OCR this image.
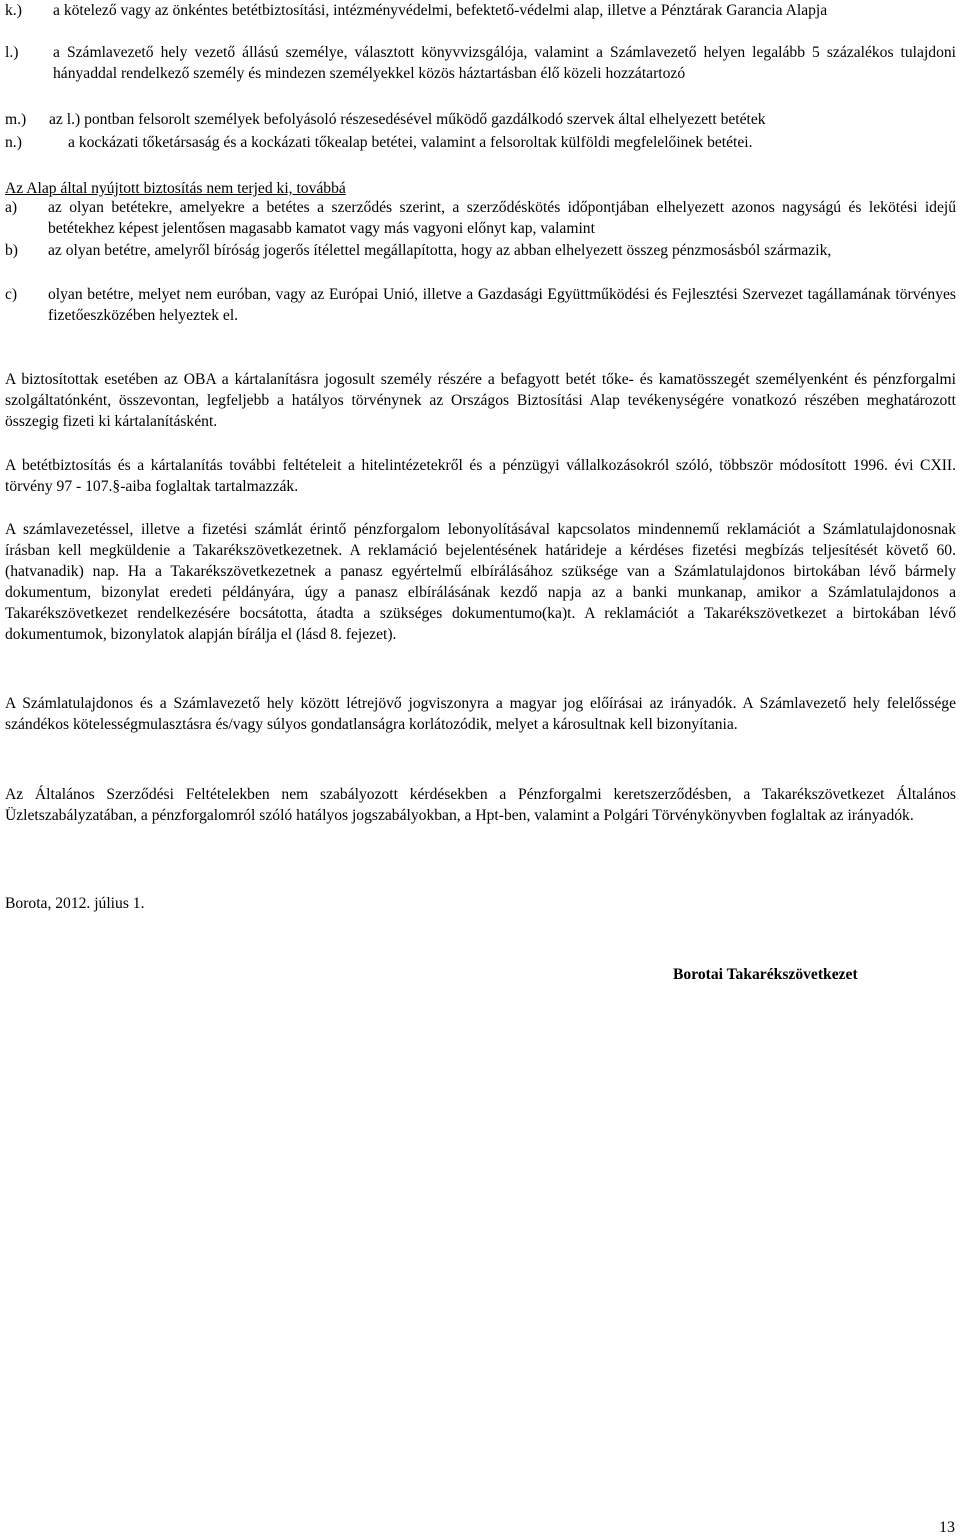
k.) a kötelező vagy az önkéntes betétbiztosítási, intézményvédelmi, befektető-védelmi alap, illetve a Pénztárak Garancia Alapja
l.) a Számlavezető hely vezető állású személye, választott könyvvizsgálója, valamint a Számlavezető helyen legalább 5 százalékos tulajdoni hányaddal rendelkező személy és mindezen személyekkel közös háztartásban élő közeli hozzátartozó
m.) az l.) pontban felsorolt személyek befolyásoló részesedésével működő gazdálkodó szervek által elhelyezett betétek
n.)	a kockázati tőketársaság és a kockázati tőkealap betétei, valamint a felsoroltak külföldi megfelelőinek betétei.
Az Alap által nyújtott biztosítás nem terjed ki, továbbá
a) az olyan betétekre, amelyekre a betétes a szerződés szerint, a szerződéskötés időpontjában elhelyezett azonos nagyságú és lekötési idejű betétekhez képest jelentősen magasabb kamatot vagy más vagyoni előnyt kap, valamint
b) az olyan betétre, amelyről bíróság jogerős ítélettel megállapította, hogy az abban elhelyezett összeg pénzmosásból származik,
c) olyan betétre, melyet nem euróban, vagy az Európai Unió, illetve a Gazdasági Együttműködési és Fejlesztési Szervezet tagállamának törvényes fizetőeszközében helyeztek el.
A biztosítottak esetében az OBA a kártalanításra jogosult személy részére a befagyott betét tőke- és kamatösszegét személyenként és pénzforgalmi szolgáltatónként, összevontan, legfeljebb a hatályos törvénynek az Országos Biztosítási Alap tevékenységére vonatkozó részében meghatározott összegig fizeti ki kártalanításként.
A betétbiztosítás és a kártalanítás további feltételeit a hitelintézetekről és a pénzügyi vállalkozásokról szóló, többször módosított 1996. évi CXII. törvény 97 - 107.§-aiba foglaltak tartalmazzák.
A számlavezetéssel, illetve a fizetési számlát érintő pénzforgalom lebonyolításával kapcsolatos mindennemű reklamációt a Számlatulajdonosnak írásban kell megküldenie a Takarékszövetkezetnek. A reklamáció bejelentésének határideje a kérdéses fizetési megbízás teljesítését követő 60. (hatvanadik) nap. Ha a Takarékszövetkezetnek a panasz egyértelmű elbírálásához szüksége van a Számlatulajdonos birtokában lévő bármely dokumentum, bizonylat eredeti példányára, úgy a panasz elbírálásának kezdő napja az a banki munkanap, amikor a Számlatulajdonos a Takarékszövetkezet rendelkezésére bocsátotta, átadta a szükséges dokumentumo(ka)t. A reklamációt a Takarékszövetkezet a birtokában lévő dokumentumok, bizonylatok alapján bírálja el (lásd 8. fejezet).
A Számlatulajdonos és a Számlavezető hely között létrejövő jogviszonyra a magyar jog előírásai az irányadók. A Számlavezető hely felelőssége szándékos kötelességmulasztásra és/vagy súlyos gondatlanságra korlátozódik, melyet a károsultnak kell bizonyítania.
Az Általános Szerződési Feltételekben nem szabályozott kérdésekben a Pénzforgalmi keretszerződésben, a Takarékszövetkezet Általános Üzletszabályzatában, a pénzforgalomról szóló hatályos jogszabályokban, a Hpt-ben, valamint a Polgári Törvénykönyvben foglaltak az irányadók.
Borota, 2012. július 1.
Borotai Takarékszövetkezet
13
